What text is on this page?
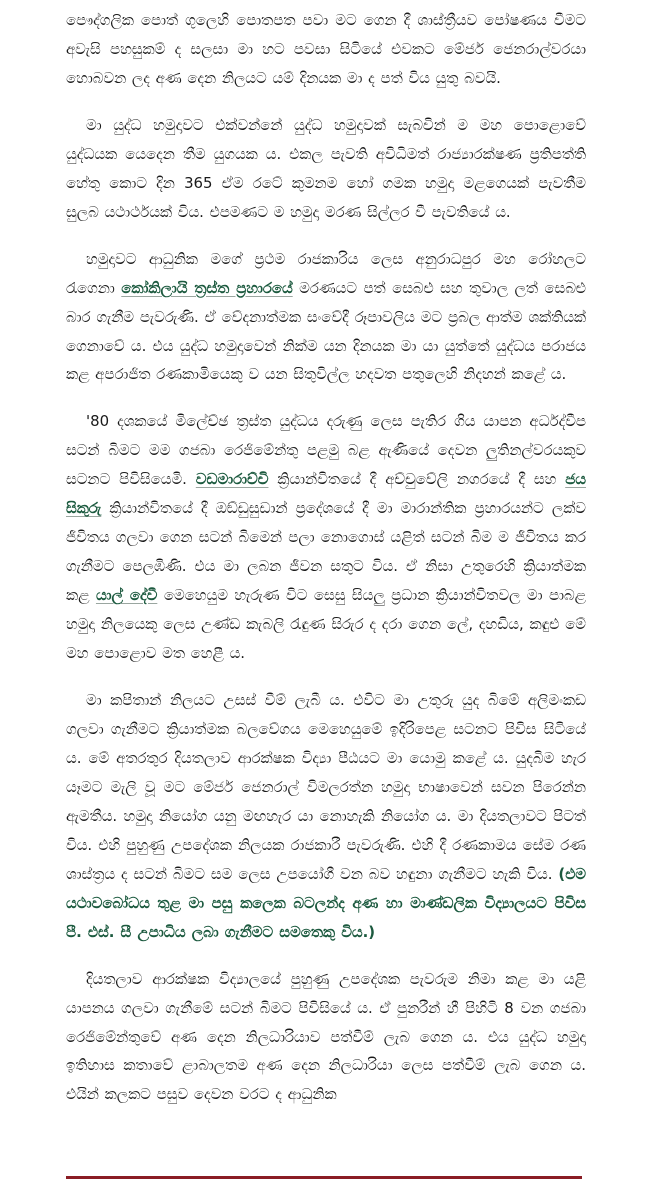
පෞද්ගලික පොත් ගුලෙහි පොතපත පවා මට ගෙන දී ශාස්ත්‍රීයව පෝෂණය වීමට අවැසි පහසුකම් ද සලසා මා හට පවසා සිටියේ එවකට මේජර් ජෙනරාල්වරයා හොබවන ලද අණ දෙන නිලයට යම් දිනයක මා ද පත් විය යුතු බවයි.

මා යුද්ධ හමුදාවට එක්වන්නේ යුද්ධ හමුදාවක් සැබවින් ම මහ පොළොවේ යුද්ධයක යෙදෙන තීම යුගයක ය. එකල පැවති අවිධිමත් රාජ්‍යාරක්ෂණ ප්‍රතිපත්ති හේතු කොට දින 365 ඒම රටේ කුමනම හෝ ගමක හමුදා මළගෙයක් පැවතීම සුලබ යථාර්ථයක් විය. එපමණට ම හමුදා මරණ සිල්ලර වී පැවතියේ ය.

හමුදාවට ආධුනික මගේ ප්‍රථම රාජකාරිය ලෙස අනුරාධපුර මහ රෝහලට රැගෙනා කෝකිලායි ත්‍රස්ත ප්‍රහාරයේ මරණයට පත් සෙබළු සහ තුවාල ලත් සෙබළු බාර ගැනීම පැවරුණි. ඒ වේදනාත්මක සංවේදී රූපාවලිය මට ප්‍රබල ආත්ම ශක්තියක් ගෙනාවේ ය. එය යුද්ධ හමුදාවෙන් නික්ම යන දිනයක මා යා යුත්තේ යුද්ධය පරාජය කළ අපරාජිත රණකාමියෙකු ව යන සිතුවිල්ල හදවත පතුලෙහි නිදහන් කළේ ය.

'80 දශකයේ මිලේච්ඡ ත්‍රස්ත යුද්ධය දරුණු ලෙස පැතිර ගිය යාපන අර්ධද්වීප සටන් බිමට මම ගජබා රෙජිමේන්තු පළමු බළ ඇණියේ දෙවන ලුතිනල්වරයකුව සටනට පිවිසියෙමි. වඩමාරාච්චි ක්‍රියාන්විතයේ දී අච්චුවේලි නගරයේ දී සහ ජය සිකුරු ක්‍රියාන්විතයේ දී ඔඞ්ඩුසුඩාන් ප්‍රදේශයේ දී මා මාරාන්තික ප්‍රහාරයන්ට ලක්ව ජීවිතය ගලවා ගෙන සටන් බිමෙන් පලා නොගොස් යළිත් සටන් බිම ම ජීවිතය කර ගැනීමට පෙලඹිණි. එය මා ලබන ජීවන සතුට විය. ඒ නිසා උතුරෙහි ක්‍රියාත්මක කළ යාල් දේවී මෙහෙයුම හැරුණ විට සෙසු සියලු ප්‍රධාන ක්‍රියාන්විතවල මා පාබළ හමුදා නිලයෙකු ලෙස උණ්ඩ කැබලි රැඳුණ සිරුර ද දරා ගෙන ලේ, දහඩිය, කඳුළු මේ මහ පොළොව මත හෙළී ය.

මා කපිතාන් නිලයට උසස් වීම් ලැබී ය. එවිට මා උතුරු යුද බිමේ අලිමංකඩ ගලවා ගැනීමට ක්‍රියාත්මක බලවේගය මෙහෙයුමේ ඉදිරිපෙළ සටනට පිවිස සිටියේ ය. මේ අතරතුර දියතලාව ආරක්ෂක විද්‍යා පීඨයට මා යොමු කළේ ය. යුදබිම හැර යෑමට මැලි වූ මට මේජර් ජෙනරාල් විමලරත්න හමුදා භාෂාවෙන් සවන පිරෙන්න ඇමතීය. හමුදා නියෝග යනු මඟහැර යා නොහැකි නියෝග ය. මා දියතලාවට පිටත් විය. එහි පුහුණු උපදේශක නිලයක රාජකාරී පැවරුණි. එහි දී රණකාමය සේම රණ ශාස්ත්‍රය ද සටන් බිමට සම ලෙස උපයෝගී වන බව හඳුනා ගැනීමට හැකි විය. (එම යථාවබෝධය තුළ මා පසු කලෙක බටලන්ද අණ හා මාණ්ඩලික විද්‍යාලයට පිවිස පී. එස්. සී උපාධිය ලබා ගැනීමට සමතෙකු විය.)

දියතලාව ආරක්ෂක විද්‍යාලයේ පුහුණු උපදේශක පැවරුම නිමා කළ මා යළි යාපනය ගලවා ගැනීමේ සටන් බිමට පිවිසියේ ය. ඒ පුනරීන් හී පිහිටි 8 වන ගජබා රෙජිමේන්තුවේ අණ දෙන නිලධාරියාව පත්වීම් ලැබ ගෙන ය. එය යුද්ධ හමුදා ඉතිහාස කතාවේ ළාබාලතම අණ දෙන නිලධාරියා ලෙස පත්වීම් ලැබ ගෙන ය. එයින් කලකට පසුව දෙවන වරට ද ආධුනික
